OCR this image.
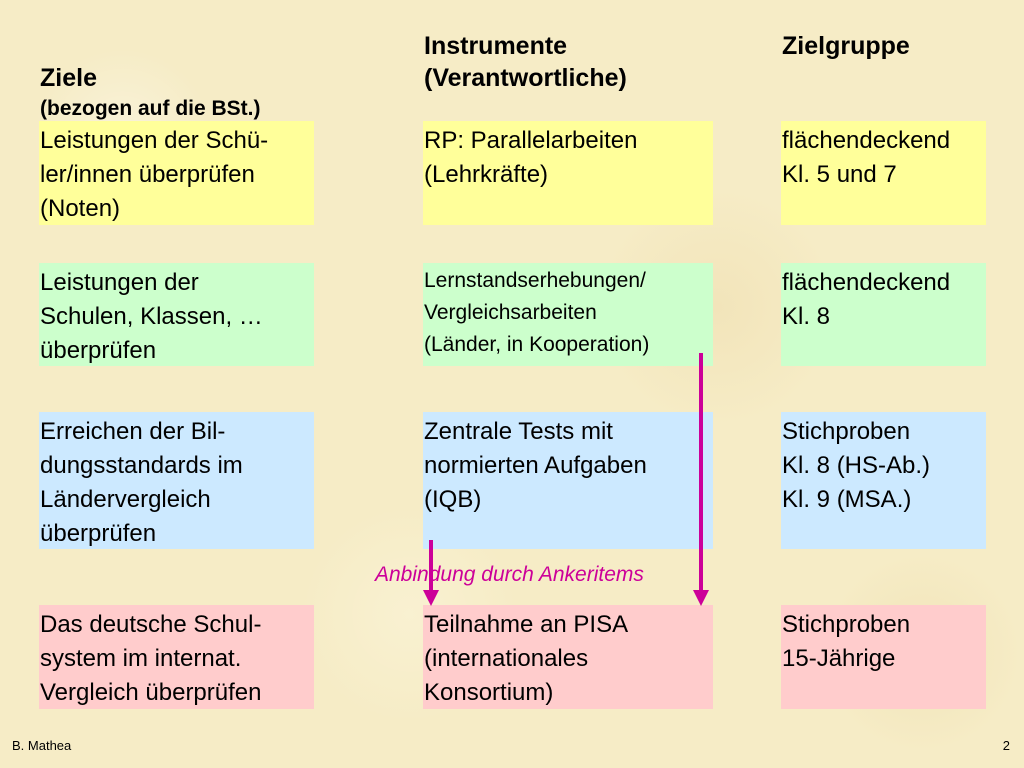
Ziele

(bezogen auf die BSt.)

Instrumente
(Verantwortliche)
Zielgruppe
Leistungen der Schü-
ler/innen überprüfen
(Noten)
RP: Parallelarbeiten
(Lehrkräfte)
flächendeckend
Kl. 5 und 7
Leistungen der
Schulen, Klassen, …
überprüfen
Lernstandserhebungen/
Vergleichsarbeiten
(Länder, in Kooperation)
flächendeckend
Kl. 8
Erreichen der Bil-
dungsstandards im
Ländervergleich
überprüfen
Zentrale Tests mit
normierten Aufgaben
(IQB)
Stichproben
Kl. 8 (HS-Ab.)
Kl. 9 (MSA.)
Anbindung durch Ankeritems
Das deutsche Schul-
system im internat.
Vergleich überprüfen
Teilnahme an PISA
(internationales
Konsortium)
Stichproben
15-Jährige
B. Mathea	2
